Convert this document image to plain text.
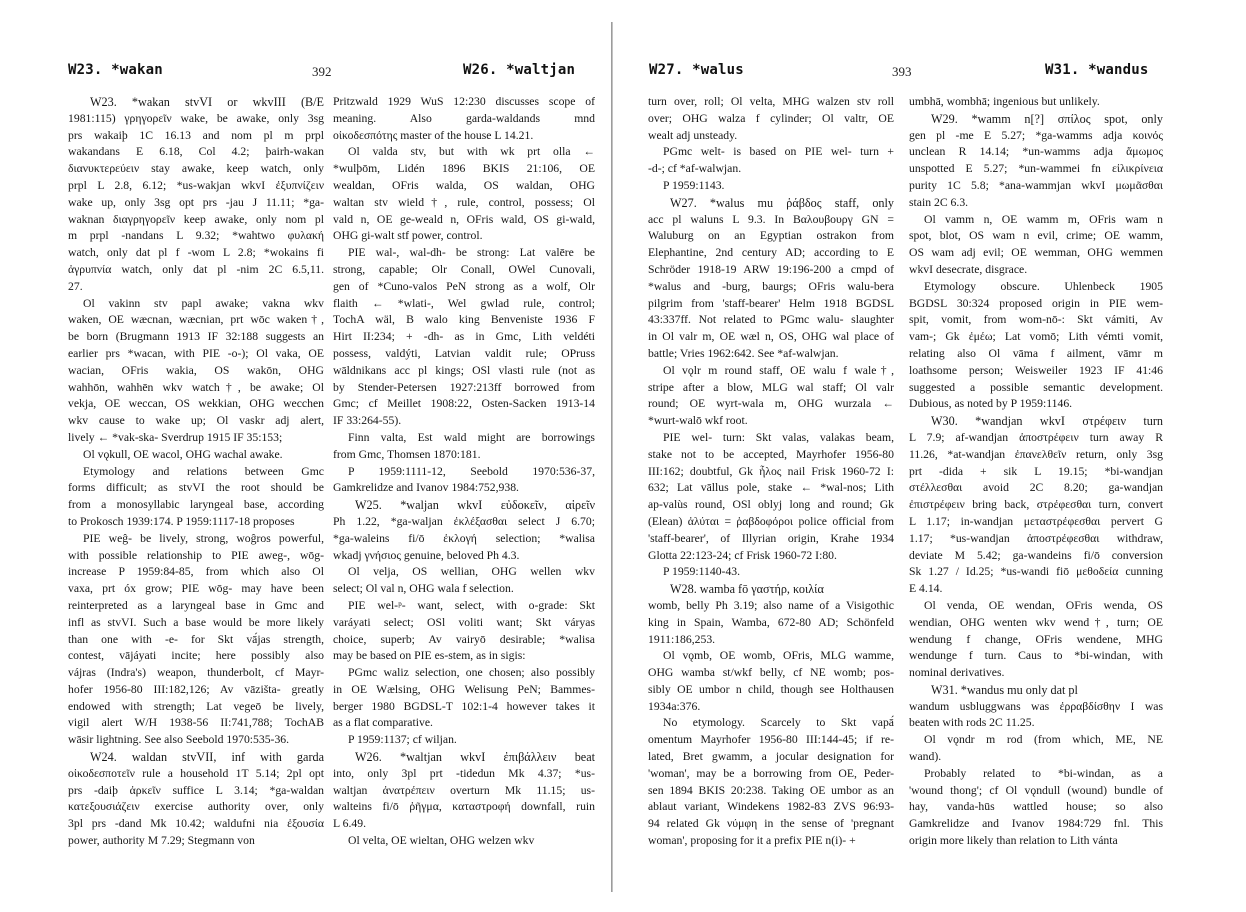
W23. *wakan	392	W26. *waltjan
W23. *wakan stvVI or wkvIII (B/E
1981:115) γρηγορεῖν wake, be awake, only 3sg
prs wakaiþ 1C 16.13 and nom pl m prpl
wakandans E 6.18, Col 4.2; þairh-wakan
διανυκτερεύειν stay awake, keep watch, only
prpl L 2.8, 6.12; *us-wakjan wkvI ἐξυπνίζειν
wake up, only 3sg opt prs -jau J 11.11; *ga-
waknan διαγρηγορεῖν keep awake, only nom pl
m prpl -nandans L 9.32; *wahtwo φυλακή
watch, only dat pl f -wom L 2.8; *wokains fi
ἀγρυπνία watch, only dat pl -nim 2C 6.5,11.
27.
Ol vakinn stv papl awake; vakna wkv
waken, OE wæcnan, wæcnian, prt wōc waken†,
be born (Brugmann 1913 IF 32:188 suggests an
earlier prs *wacan, with PIE -o-); Ol vaka, OE
wacian, OFris wakia, OS wakōn, OHG
wahhōn, wahhēn wkv watch†, be awake; Ol
vekja, OE weccan, OS wekkian, OHG wecchen
wkv cause to wake up; Ol vaskr adj alert,
lively ← *vak-ska- Sverdrup 1915 IF 35:153;
Ol vǫkull, OE wacol, OHG wachal awake.
Etymology and relations between Gmc
forms difficult; as stvVI the root should be
from a monosyllabic laryngeal base, according
to Prokosch 1939:174. P 1959:1117-18 proposes
PIE weĝ- be lively, strong, woĝros powerful,
with possible relationship to PIE aweg-, wōg-
increase P 1959:84-85, from which also Ol
vaxa, prt óx grow; PIE wōg- may have been
reinterpreted as a laryngeal base in Gmc and
infl as stvVI. Such a base would be more likely
than one with -e- for Skt vā́jas strength,
contest, vājáyati incite; here possibly also
vájras (Indra's) weapon, thunderbolt, cf Mayr-
hofer 1956-80 III:182,126; Av vāzišta- greatly
endowed with strength; Lat vegeō be lively,
vigil alert W/H 1938-56 II:741,788; TochAB
wāsir lightning. See also Seebold 1970:535-36.
W24. waldan stvVII, inf with garda
οἰκοδεσποτεῖν rule a household 1T 5.14; 2pl opt
prs -daiþ ἀρκεῖν suffice L 3.14; *ga-waldan
κατεξουσιάζειν exercise authority over, only
3pl prs -dand Mk 10.42; waldufni nia ἐξουσία
power, authority M 7.29; Stegmann von
Pritzwald 1929 WuS 12:230 discusses scope of
meaning. Also garda-waldands mnd
οἰκοδεσπότης master of the house L 14.21.
Ol valda stv, but with wk prt olla ←
*wulþōm, Lidén 1896 BKIS 21:106, OE
wealdan, OFris walda, OS waldan, OHG
waltan stv wield†, rule, control, possess; Ol
vald n, OE ge-weald n, OFris wald, OS gi-wald,
OHG gi-walt stf power, control.
PIE wal-, wal-dh- be strong: Lat valēre be
strong, capable; Olr Conall, OWel Cunovali,
gen of *Cuno-valos PeN strong as a wolf, Olr
flaith ← *wlati-, Wel gwlad rule, control;
TochA wäl, B walo king Benveniste 1936 F
Hirt II:234; + -dh- as in Gmc, Lith veldéti
possess, valdýti, Latvian valdit rule; OPruss
wāldnikans acc pl kings; OSl vlasti rule (not as
by Stender-Petersen 1927:213ff borrowed from
Gmc; cf Meillet 1908:22, Osten-Sacken 1913-14
IF 33:264-55).
Finn valta, Est wald might are borrowings
from Gmc, Thomsen 1870:181.
P 1959:1111-12, Seebold 1970:536-37,
Gamkrelidze and Ivanov 1984:752,938.
W25. *waljan wkvI εὐδοκεῖν, αἱρεῖν
Ph 1.22, *ga-waljan ἐκλέξασθαι select J 6.70;
*ga-waleins fi/ō ἐκλογή selection; *walisa
wkadj γνήσιος genuine, beloved Ph 4.3.
Ol velja, OS wellian, OHG wellen wkv
select; Ol val n, OHG wala f selection.
PIE wel-ᵖ- want, select, with o-grade: Skt
varáyati select; OSl voliti want; Skt váryas
choice, superb; Av vairyō desirable; *walisa
may be based on PIE es-stem, as in sigis:
PGmc waliz selection, one chosen; also possibly
in OE Wælsing, OHG Welisung PeN; Bammes-
berger 1980 BGDSL-T 102:1-4 however takes it
as a flat comparative.
P 1959:1137; cf wiljan.
W26. *waltjan wkvI ἐπιβάλλειν beat
into, only 3pl prt -tidedun Mk 4.37; *us-
waltjan ἀνατρέπειν overturn Mk 11.15; us-
walteins fi/ō ῥῆγμα, καταστροφή downfall, ruin
L 6.49.
Ol velta, OE wieltan, OHG welzen wkv
W27. *walus	393	W31. *wandus
turn over, roll; Ol velta, MHG walzen stv roll
over; OHG walza f cylinder; Ol valtr, OE
wealt adj unsteady.
PGmc welt- is based on PIE wel- turn +
-d-; cf *af-walwjan.
P 1959:1143.
W27. *walus mu ῥάβδος staff, only
acc pl waluns L 9.3. In Βαλουβουργ GN =
Waluburg on an Egyptian ostrakon from
Elephantine, 2nd century AD; according to E
Schröder 1918-19 ARW 19:196-200 a cmpd of
*walus and -burg, baurgs; OFris walu-bera
pilgrim from 'staff-bearer' Helm 1918 BGDSL
43:337ff. Not related to PGmc walu- slaughter
in Ol valr m, OE wæl n, OS, OHG wal place of
battle; Vries 1962:642. See *af-walwjan.
Ol vǫlr m round staff, OE walu f wale†,
stripe after a blow, MLG wal staff; Ol valr
round; OE wyrt-wala m, OHG wurzala ←
*wurt-walō wkf root.
PIE wel- turn: Skt valas, valakas beam,
stake not to be accepted, Mayrhofer 1956-80
III:162; doubtful, Gk ἧλος nail Frisk 1960-72 I:
632; Lat vāllus pole, stake ← *wal-nos; Lith
ap-valùs round, OSl oblyj long and round; Gk
(Elean) ἀλύται = ῥαβδοφόροι police official from
'staff-bearer', of Illyrian origin, Krahe 1934
Glotta 22:123-24; cf Frisk 1960-72 I:80.
P 1959:1140-43.
W28. wamba fō γαστήρ, κοιλία
womb, belly Ph 3.19; also name of a Visigothic
king in Spain, Wamba, 672-80 AD; Schönfeld
1911:186,253.
Ol vǫmb, OE womb, OFris, MLG wamme,
OHG wamba st/wkf belly, cf NE womb; pos-
sibly OE umbor n child, though see Holthausen
1934a:376.
No etymology. Scarcely to Skt vapā́
omentum Mayrhofer 1956-80 III:144-45; if re-
lated, Bret gwamm, a jocular designation for
'woman', may be a borrowing from OE, Peder-
sen 1894 BKIS 20:238. Taking OE umbor as an
ablaut variant, Windekens 1982-83 ZVS 96:93-
94 related Gk νύμφη in the sense of 'pregnant
woman', proposing for it a prefix PIE n(i)- +
umbhā, wombhā; ingenious but unlikely.
W29. *wamm n[?] σπίλος spot, only
gen pl -me E 5.27; *ga-wamms adja κοινός
unclean R 14.14; *un-wamms adja ἄμωμος
unspotted E 5.27; *un-wammei fn εἰλικρίνεια
purity 1C 5.8; *ana-wammjan wkvI μωμᾶσθαι
stain 2C 6.3.
Ol vamm n, OE wamm m, OFris wam n
spot, blot, OS wam n evil, crime; OE wamm,
OS wam adj evil; OE wemman, OHG wemmen
wkvI desecrate, disgrace.
Etymology obscure. Uhlenbeck 1905
BGDSL 30:324 proposed origin in PIE wem-
spit, vomit, from wom-nō-: Skt vámiti, Av
vam-; Gk ἐμέω; Lat vomō; Lith vémti vomit,
relating also Ol vāma f ailment, vāmr m
loathsome person; Weisweiler 1923 IF 41:46
suggested a possible semantic development.
Dubious, as noted by P 1959:1146.
W30. *wandjan wkvI στρέφειν turn
L 7.9; af-wandjan ἀποστρέφειν turn away R
11.26, *at-wandjan ἐπανελθεῖν return, only 3sg
prt -dida + sik L 19.15; *bi-wandjan
στέλλεσθαι avoid 2C 8.20; ga-wandjan
ἐπιστρέφειν bring back, στρέφεσθαι turn, convert
L 1.17; in-wandjan μεταστρέφεσθαι pervert G
1.17; *us-wandjan ἀποστρέφεσθαι withdraw,
deviate M 5.42; ga-wandeins fi/ō conversion
Sk 1.27 / Id.25; *us-wandi fiō μεθοδεία cunning
E 4.14.
Ol venda, OE wendan, OFris wenda, OS
wendian, OHG wenten wkv wend†, turn; OE
wendung f change, OFris wendene, MHG
wendunge f turn. Caus to *bi-windan, with
nominal derivatives.
W31. *wandus mu only dat pl
wandum usbluggwans was ἐρραβδίσθην I was
beaten with rods 2C 11.25.
Ol vǫndr m rod (from which, ME, NE
wand).
Probably related to *bi-windan, as a
'wound thong'; cf Ol vǫndull (wound) bundle of
hay, vanda-hūs wattled house; so also
Gamkrelidze and Ivanov 1984:729 fnl. This
origin more likely than relation to Lith vánta
